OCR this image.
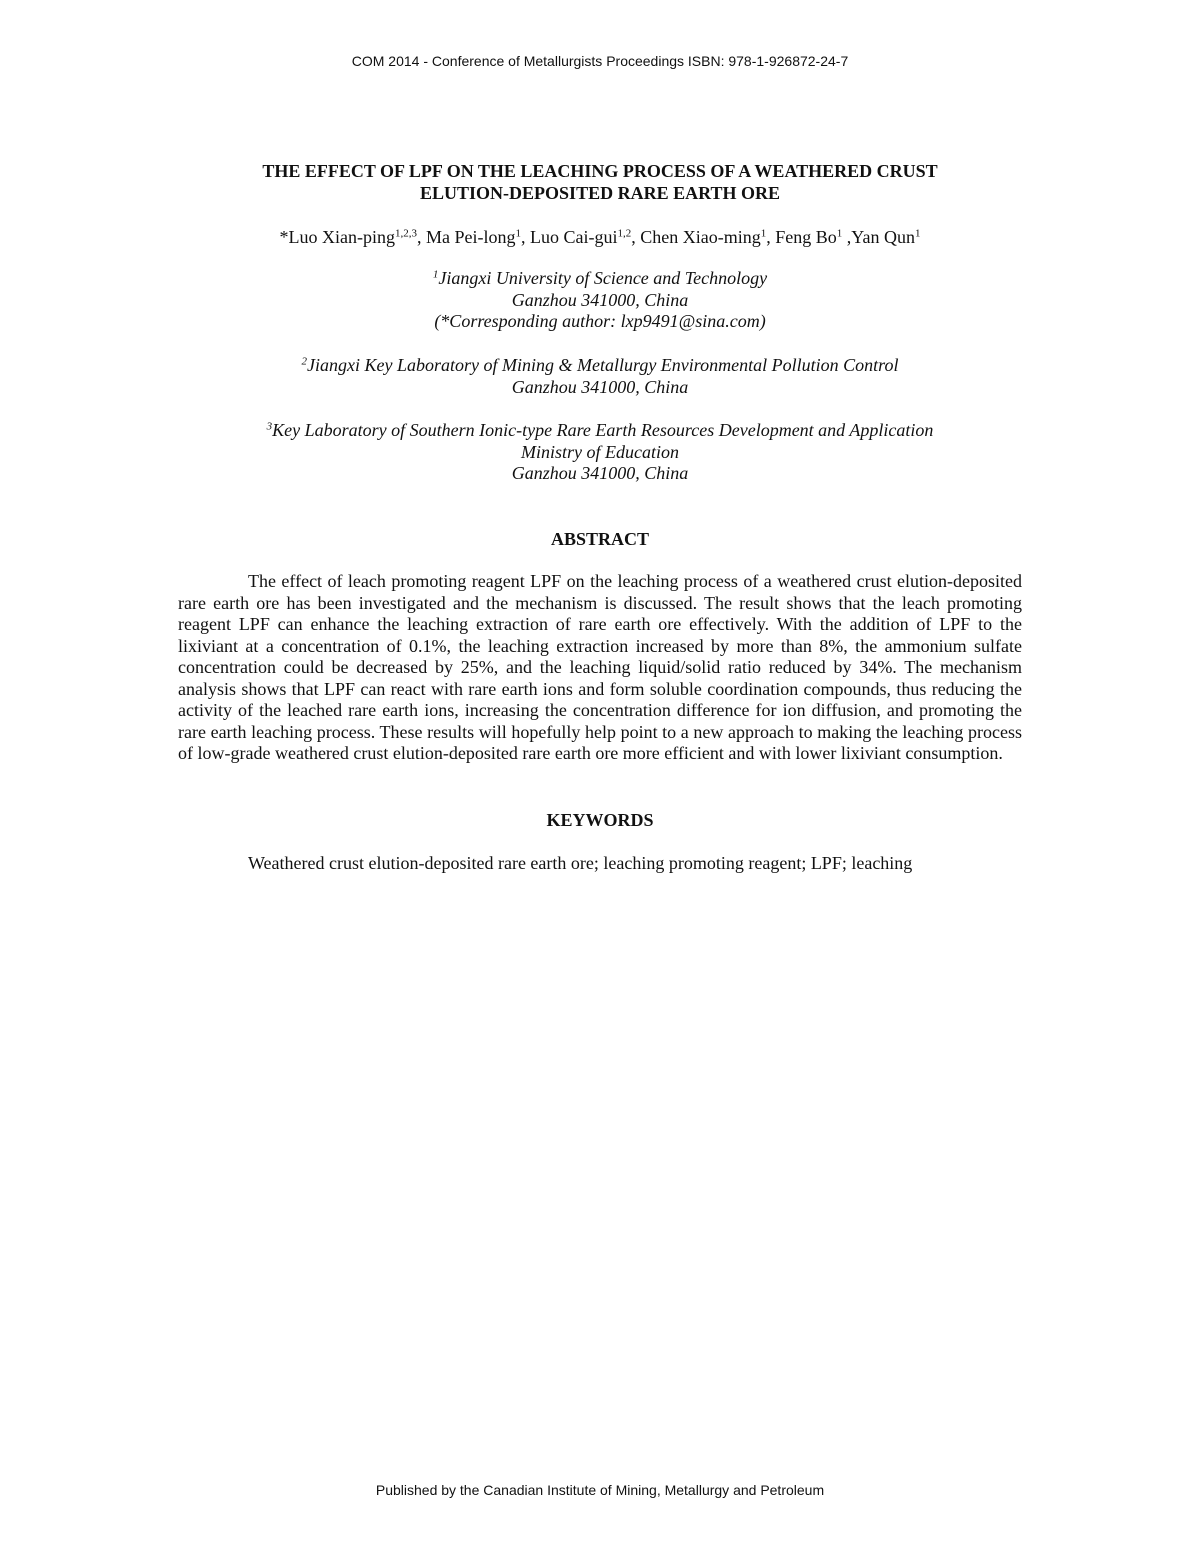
COM 2014 - Conference of Metallurgists Proceedings ISBN: 978-1-926872-24-7
THE EFFECT OF LPF ON THE LEACHING PROCESS OF A WEATHERED CRUST
ELUTION-DEPOSITED RARE EARTH ORE
*Luo Xian-ping$^{1,2,3}$, Ma Pei-long$^1$, Luo Cai-gui$^{1,2}$, Chen Xiao-ming$^1$, Feng Bo$^1$ ,Yan Qun$^1$
$^1$Jiangxi University of Science and Technology
Ganzhou 341000, China
(*Corresponding author: lxp9491@sina.com)
$^2$Jiangxi Key Laboratory of Mining & Metallurgy Environmental Pollution Control
Ganzhou 341000, China
$^3$Key Laboratory of Southern Ionic-type Rare Earth Resources Development and Application
Ministry of Education
Ganzhou 341000, China
ABSTRACT

The effect of leach promoting reagent LPF on the leaching process of a weathered crust elution-deposited rare earth ore has been investigated and the mechanism is discussed. The result shows that the leach promoting reagent LPF can enhance the leaching extraction of rare earth ore effectively. With the addition of LPF to the lixiviant at a concentration of 0.1%, the leaching extraction increased by more than 8%, the ammonium sulfate concentration could be decreased by 25%, and the leaching liquid/solid ratio reduced by 34%. The mechanism analysis shows that LPF can react with rare earth ions and form soluble coordination compounds, thus reducing the activity of the leached rare earth ions, increasing the concentration difference for ion diffusion, and promoting the rare earth leaching process. These results will hopefully help point to a new approach to making the leaching process of low-grade weathered crust elution-deposited rare earth ore more efficient and with lower lixiviant consumption.

KEYWORDS
Weathered crust elution-deposited rare earth ore; leaching promoting reagent; LPF; leaching
Published by the Canadian Institute of Mining, Metallurgy and Petroleum
